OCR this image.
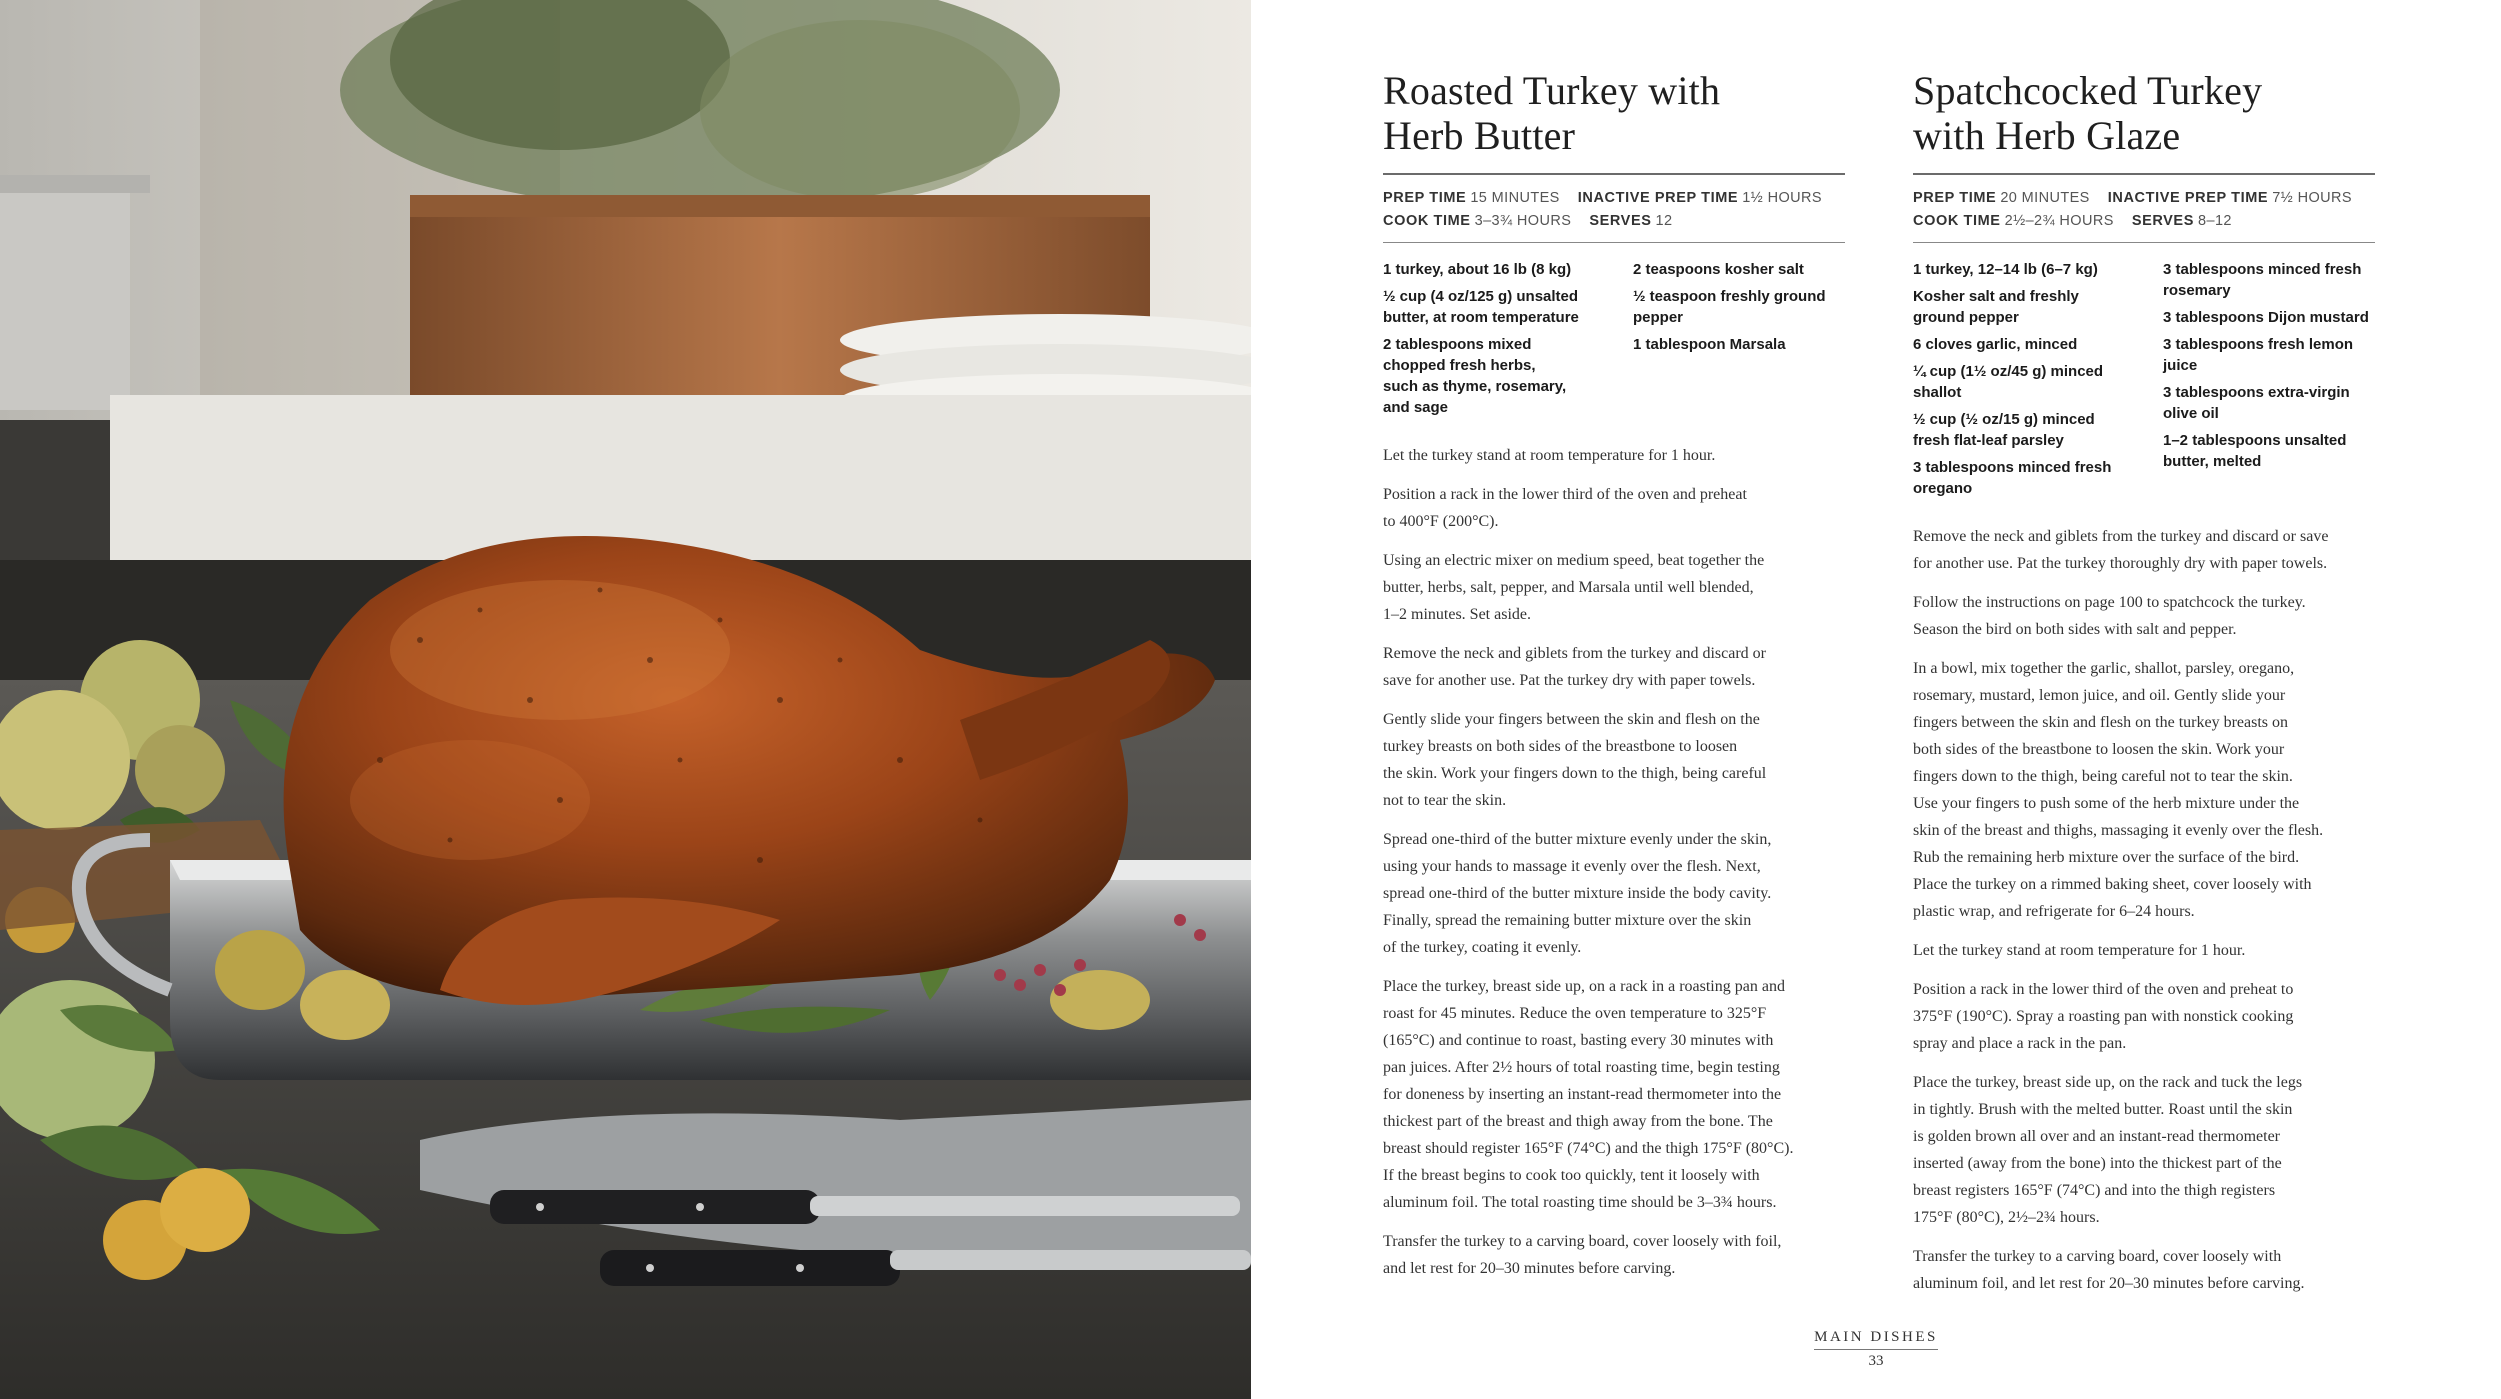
Roasted Turkey with
Herb Butter
PREP TIME 15 MINUTES INACTIVE PREP TIME 1½ HOURS
COOK TIME 3–3¾ HOURS SERVES 12

1 turkey, about 16 lb (8 kg)

½ cup (4 oz/125 g) unsalted
butter, at room temperature

2 tablespoons mixed
chopped fresh herbs,
such as thyme, rosemary,
and sage

2 teaspoons kosher salt

½ teaspoon freshly ground
pepper

1 tablespoon Marsala

Let the turkey stand at room temperature for 1 hour.

Position a rack in the lower third of the oven and preheat
to 400°F (200°C).

Using an electric mixer on medium speed, beat together the
butter, herbs, salt, pepper, and Marsala until well blended,
1–2 minutes. Set aside.

Remove the neck and giblets from the turkey and discard or
save for another use. Pat the turkey dry with paper towels.

Gently slide your fingers between the skin and flesh on the
turkey breasts on both sides of the breastbone to loosen
the skin. Work your fingers down to the thigh, being careful
not to tear the skin.

Spread one-third of the butter mixture evenly under the skin,
using your hands to massage it evenly over the flesh. Next,
spread one-third of the butter mixture inside the body cavity.
Finally, spread the remaining butter mixture over the skin
of the turkey, coating it evenly.

Place the turkey, breast side up, on a rack in a roasting pan and
roast for 45 minutes. Reduce the oven temperature to 325°F
(165°C) and continue to roast, basting every 30 minutes with
pan juices. After 2½ hours of total roasting time, begin testing
for doneness by inserting an instant-read thermometer into the
thickest part of the breast and thigh away from the bone. The
breast should register 165°F (74°C) and the thigh 175°F (80°C).
If the breast begins to cook too quickly, tent it loosely with
aluminum foil. The total roasting time should be 3–3¾ hours.

Transfer the turkey to a carving board, cover loosely with foil,
and let rest for 20–30 minutes before carving.

Spatchcocked Turkey
with Herb Glaze
PREP TIME 20 MINUTES INACTIVE PREP TIME 7½ HOURS
COOK TIME 2½–2¾ HOURS SERVES 8–12

1 turkey, 12–14 lb (6–7 kg)

Kosher salt and freshly
ground pepper

6 cloves garlic, minced

¼ cup (1½ oz/45 g) minced
shallot

½ cup (½ oz/15 g) minced
fresh flat-leaf parsley

3 tablespoons minced fresh
oregano

3 tablespoons minced fresh
rosemary

3 tablespoons Dijon mustard

3 tablespoons fresh lemon
juice

3 tablespoons extra-virgin
olive oil

1–2 tablespoons unsalted
butter, melted

Remove the neck and giblets from the turkey and discard or save
for another use. Pat the turkey thoroughly dry with paper towels.

Follow the instructions on page 100 to spatchcock the turkey.
Season the bird on both sides with salt and pepper.

In a bowl, mix together the garlic, shallot, parsley, oregano,
rosemary, mustard, lemon juice, and oil. Gently slide your
fingers between the skin and flesh on the turkey breasts on
both sides of the breastbone to loosen the skin. Work your
fingers down to the thigh, being careful not to tear the skin.
Use your fingers to push some of the herb mixture under the
skin of the breast and thighs, massaging it evenly over the flesh.
Rub the remaining herb mixture over the surface of the bird.
Place the turkey on a rimmed baking sheet, cover loosely with
plastic wrap, and refrigerate for 6–24 hours.

Let the turkey stand at room temperature for 1 hour.

Position a rack in the lower third of the oven and preheat to
375°F (190°C). Spray a roasting pan with nonstick cooking
spray and place a rack in the pan.

Place the turkey, breast side up, on the rack and tuck the legs
in tightly. Brush with the melted butter. Roast until the skin
is golden brown all over and an instant-read thermometer
inserted (away from the bone) into the thickest part of the
breast registers 165°F (74°C) and into the thigh registers
175°F (80°C), 2½–2¾ hours.

Transfer the turkey to a carving board, cover loosely with
aluminum foil, and let rest for 20–30 minutes before carving.

MAIN DISHES
33
